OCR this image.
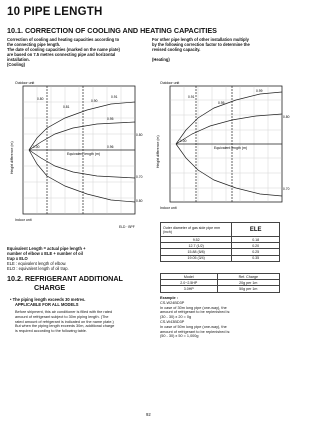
10 PIPE LENGTH
10.1. CORRECTION OF COOLING AND HEATING CAPACITIES
Correction of cooling and heating capacities according to
the connecting pipe length.
The date of cooling capacities (marked on the name plate)
are based on 7.5 metres connecting pipe and horizontal
installation.
(Cooling)
For other pipe length of other installation multiply
by the following correction factor to determine the
revised cooling capacity.
(Heating)
Outdoor unit
0.80
0.81
0.90
0.91
0.95
0.96
1.00
0.80
0.70
0.80
Equivalent length (m)
Height difference (m)
Indoor unit
ELD · BPF
Outdoor unit
0.91
0.95
0.99
1.00
0.80
0.70
Equivalent length (m)
Height difference (m)
Indoor unit
Equivalent Length = actual pipe length +
number of elbow x ELE + number of oil
trap x ELO
ELE : equivalent length of elbow.
ELO : equivalent length of oil trap.
10.2. REFRIGERANT ADDITIONAL
CHARGE
• The piping length exceeds 30 metres.
APPLICABLE FOR ALL MODELS
Before shipment, this air conditioner is filled with the rated
amount of refrigerant subject to 30m piping length. (The
rated amount of refrigerant is indicated on the name plate.)
But when the piping length exceeds 30m, additional charge
is required according to the following table.
Outer diameter of gas side pipe mm (inch)	ELE
9.52	0.18
12.7 (1/2)	0.20
15.88 (5/8)	0.25
19.05 (3/4)	0.35
Model	Ref. Charge
2.0~2.5HP	20g per 1m
3.0HP	50g per 1m
Example :
CS-W24BD3P
In case of 30m long pipe (one-way), the
amount of refrigerant to be replenished is:
(30 - 30) x 20 = 0g
CS-W43BD3P
In case of 50m long pipe (one-way), the
amount of refrigerant to be replenished is:
(50 - 30) x 50 = 1,000g
92
